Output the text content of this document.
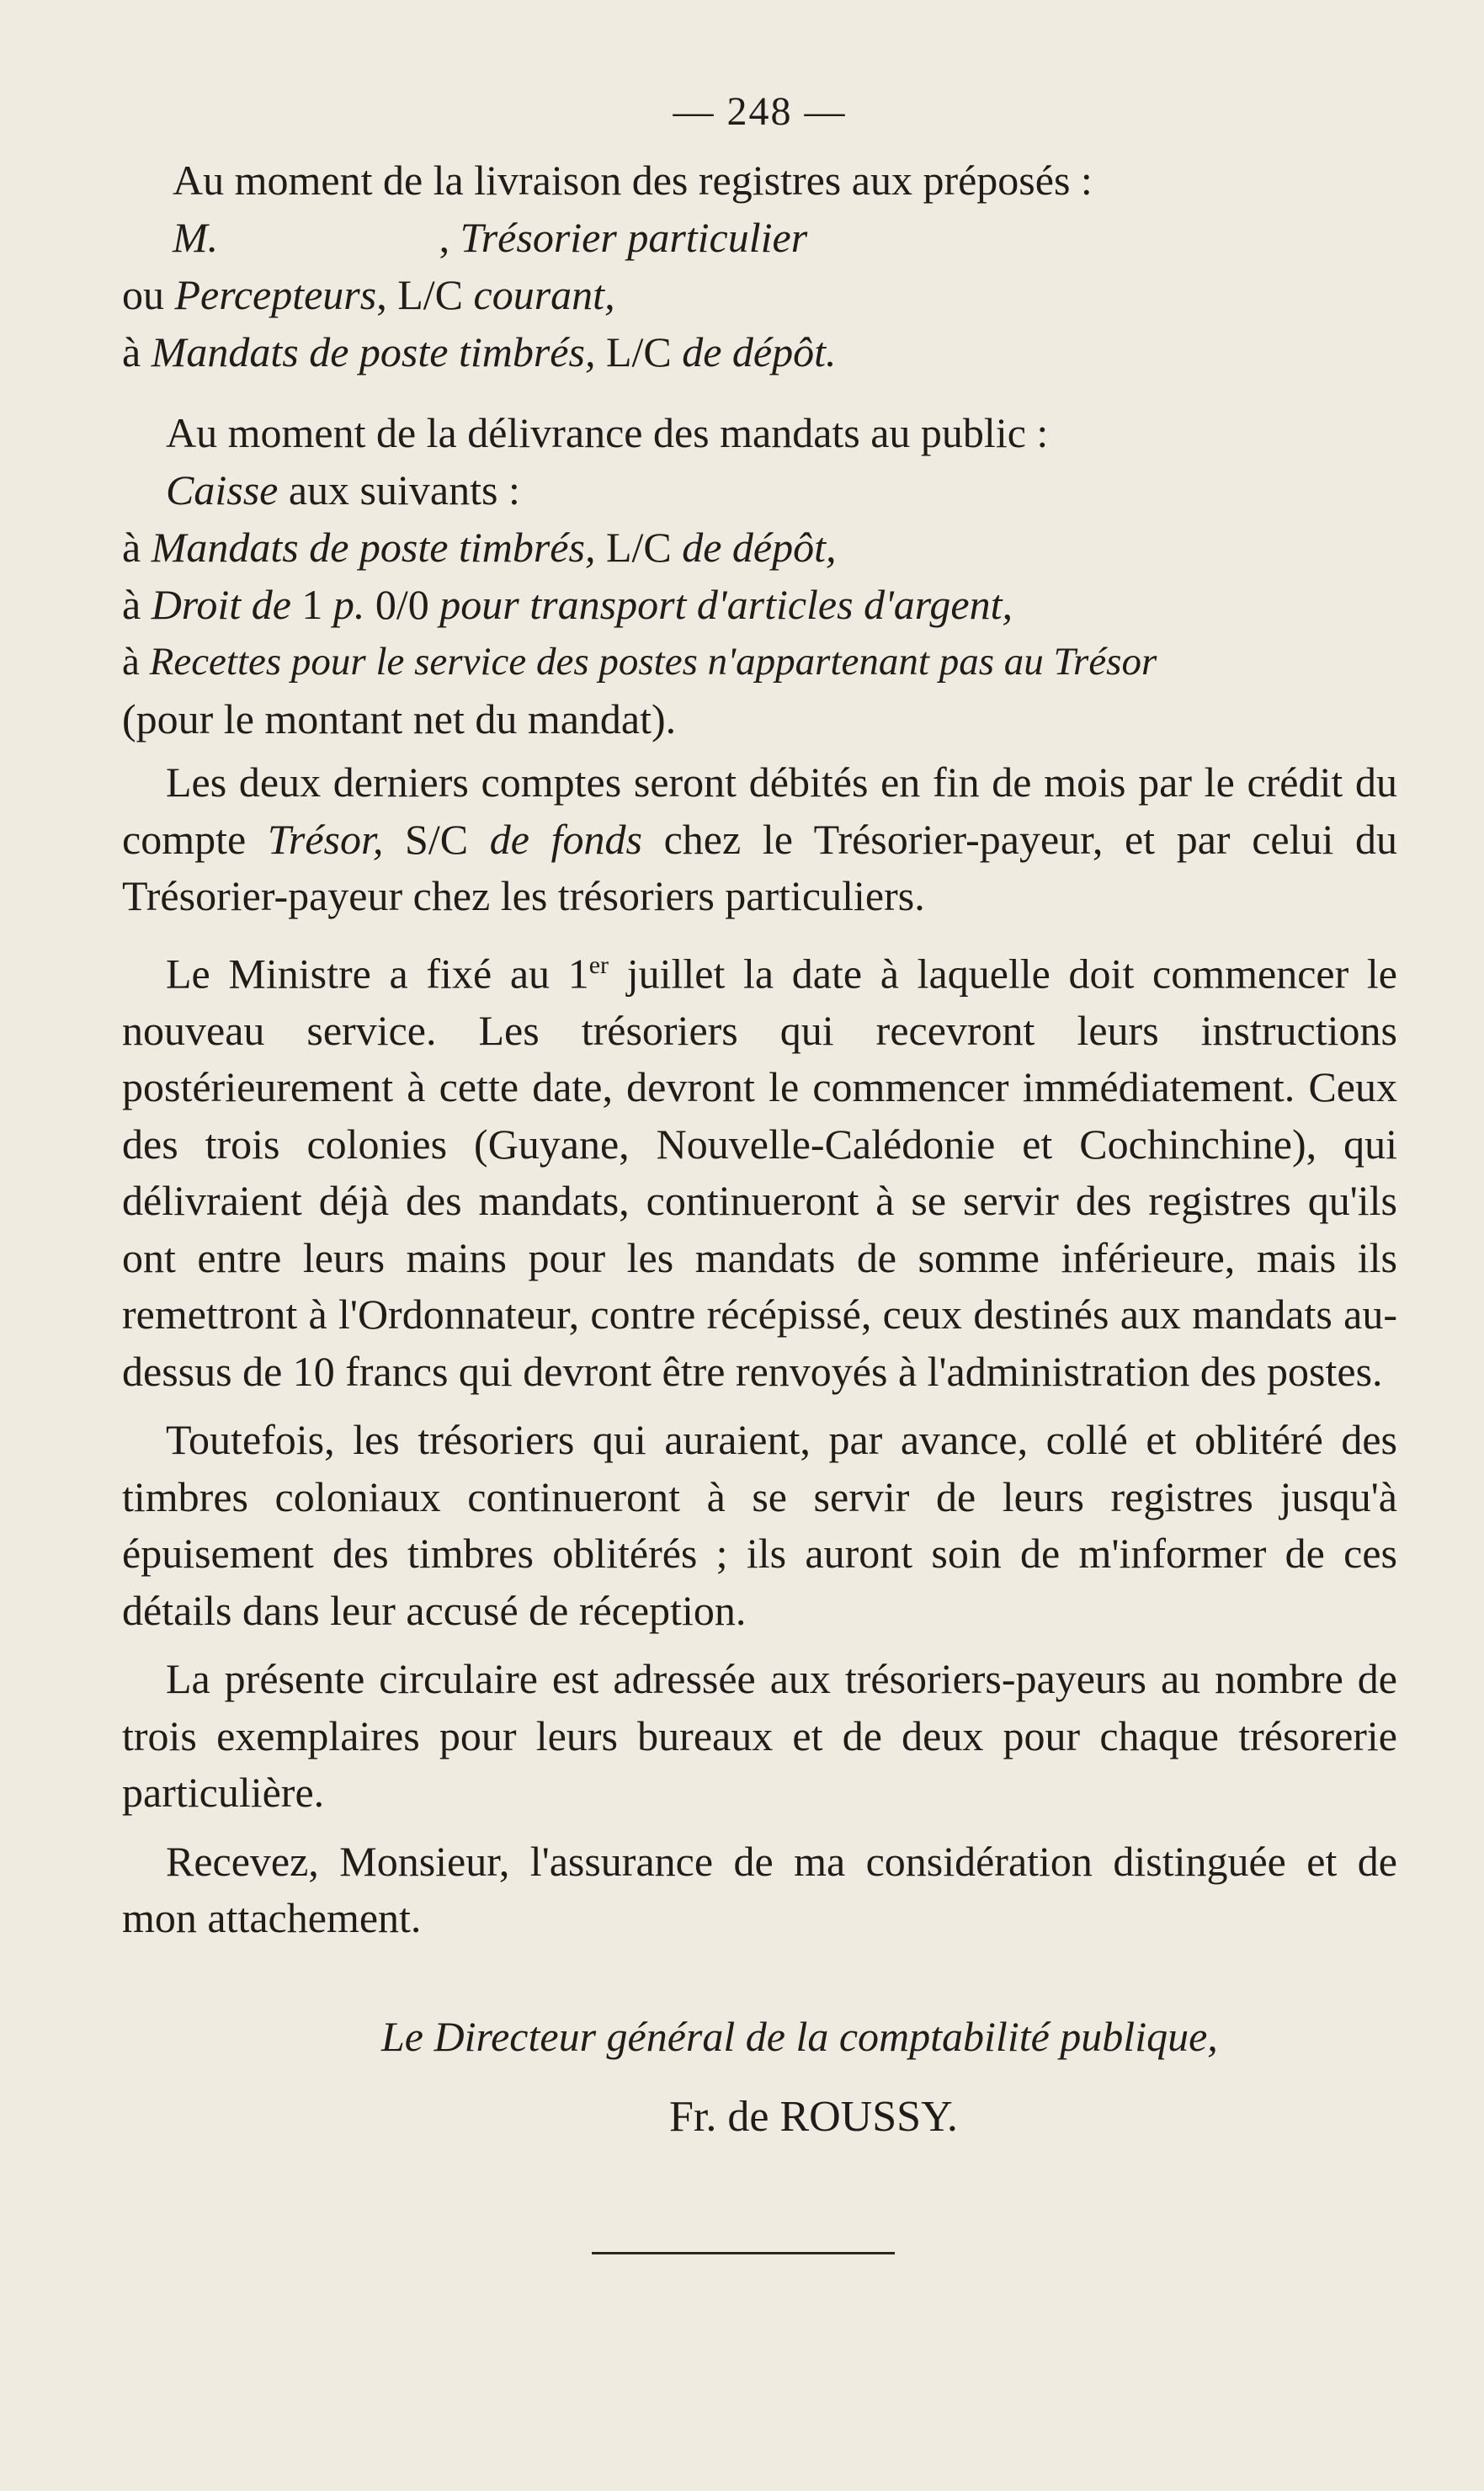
— 248 —
Au moment de la livraison des registres aux préposés :
M.	, Trésorier particulier
ou Percepteurs, L/C courant,
à Mandats de poste timbrés, L/C de dépôt.
Au moment de la délivrance des mandats au public :
Caisse aux suivants :
à Mandats de poste timbrés, L/C de dépôt,
à Droit de 1 p. 0/0 pour transport d'articles d'argent,
à Recettes pour le service des postes n'appartenant pas au Trésor
(pour le montant net du mandat).

Les deux derniers comptes seront débités en fin de mois par le crédit du compte Trésor, S/C de fonds chez le Trésorier-payeur, et par celui du Trésorier-payeur chez les trésoriers particuliers.

Le Ministre a fixé au 1er juillet la date à laquelle doit commencer le nouveau service. Les trésoriers qui recevront leurs instructions postérieurement à cette date, devront le commencer immédiatement. Ceux des trois colonies (Guyane, Nouvelle-Calédonie et Cochinchine), qui délivraient déjà des mandats, continueront à se servir des registres qu'ils ont entre leurs mains pour les mandats de somme inférieure, mais ils remettront à l'Ordonnateur, contre récépissé, ceux destinés aux mandats au-dessus de 10 francs qui devront être renvoyés à l'administration des postes.

Toutefois, les trésoriers qui auraient, par avance, collé et oblitéré des timbres coloniaux continueront à se servir de leurs registres jusqu'à épuisement des timbres oblitérés ; ils auront soin de m'informer de ces détails dans leur accusé de réception.

La présente circulaire est adressée aux trésoriers-payeurs au nombre de trois exemplaires pour leurs bureaux et de deux pour chaque trésorerie particulière.

Recevez, Monsieur, l'assurance de ma considération distinguée et de mon attachement.

Le Directeur général de la comptabilité publique,
Fr. de ROUSSY.
